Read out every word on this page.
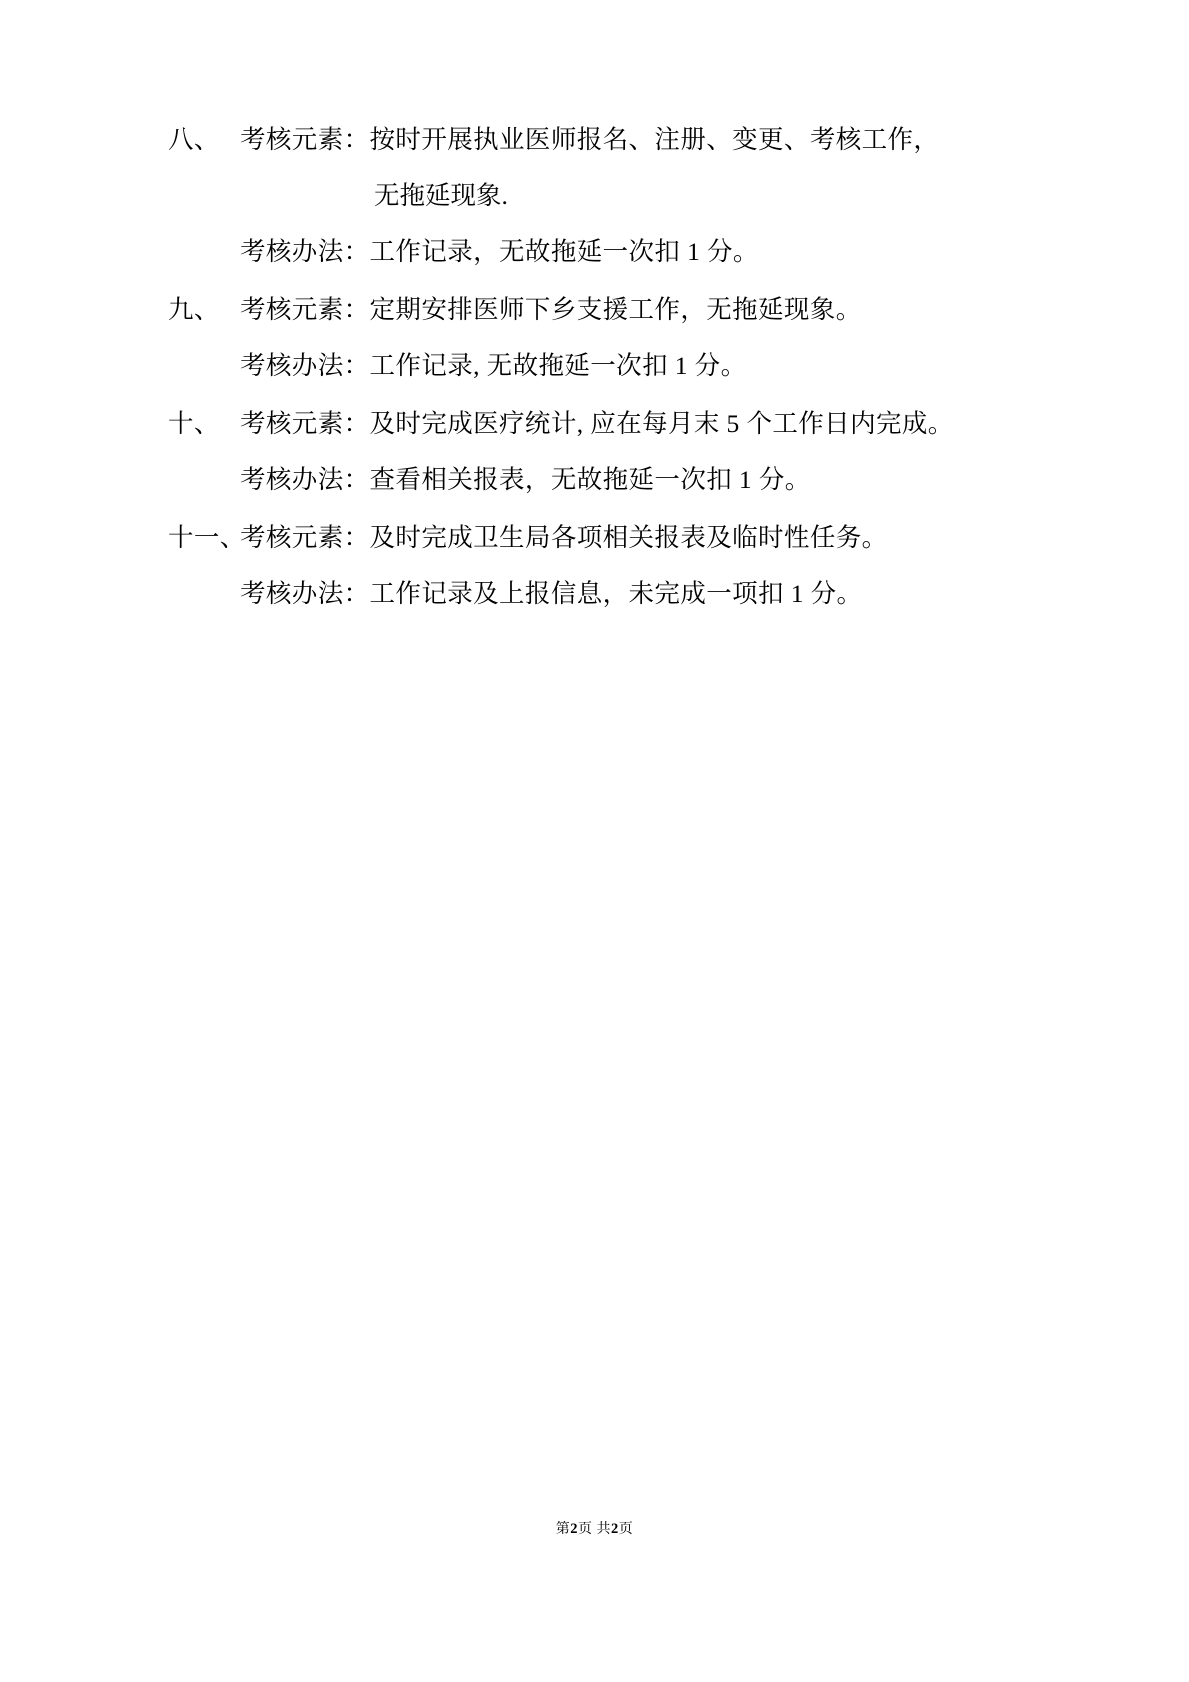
八、 考核元素： 按时开展执业医师报名、注册、变更、考核工作，
无拖延现象.
考核办法： 工作记录，无故拖延一次扣 1 分。
九、 考核元素： 定期安排医师下乡支援工作，无拖延现象。
考核办法： 工作记录, 无故拖延一次扣 1 分。
十、 考核元素： 及时完成医疗统计, 应在每月末 5 个工作日内完成。
考核办法： 查看相关报表，无故拖延一次扣 1 分。
十一、
考核元素： 及时完成卫生局各项相关报表及临时性任务。
考核办法： 工作记录及上报信息，未完成一项扣 1 分。
第2页 共2页
